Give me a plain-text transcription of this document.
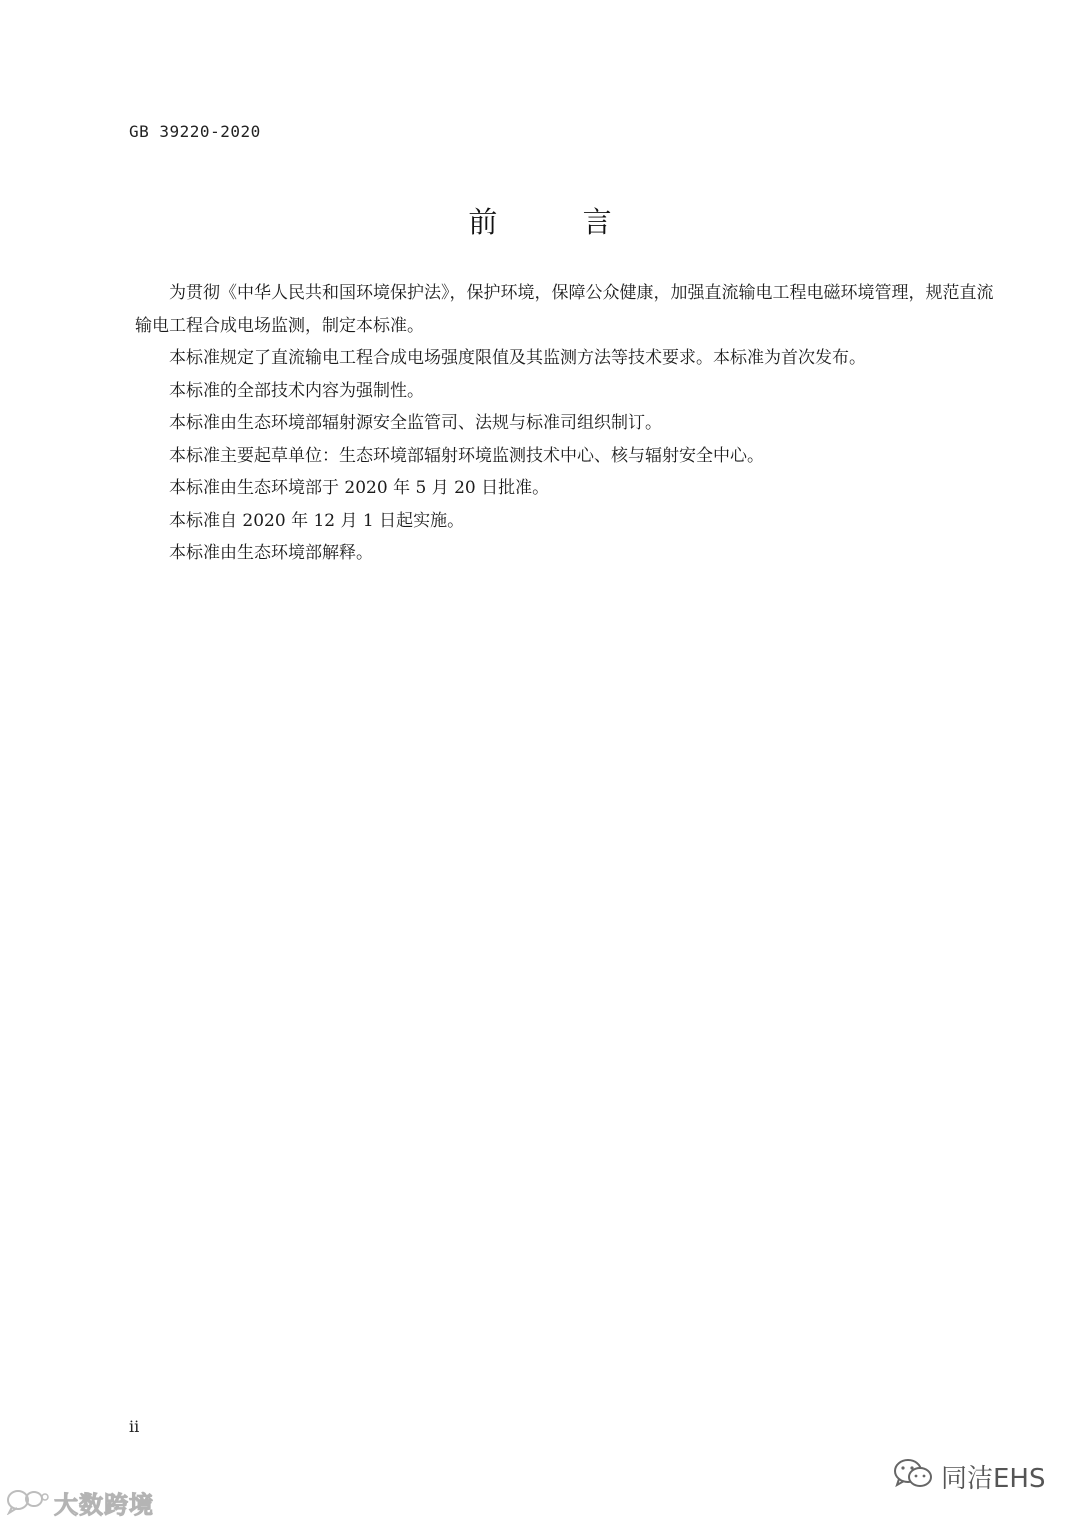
GB 39220-2020
前 言

为贯彻《中华人民共和国环境保护法》，保护环境，保障公众健康，加强直流输电工程电磁环境管理，规范直流输电工程合成电场监测，制定本标准。

本标准规定了直流输电工程合成电场强度限值及其监测方法等技术要求。本标准为首次发布。

本标准的全部技术内容为强制性。

本标准由生态环境部辐射源安全监管司、法规与标准司组织制订。

本标准主要起草单位：生态环境部辐射环境监测技术中心、核与辐射安全中心。

本标准由生态环境部于 2020 年 5 月 20 日批准。

本标准自 2020 年 12 月 1 日起实施。

本标准由生态环境部解释。

ii
大数跨境
同洁EHS
